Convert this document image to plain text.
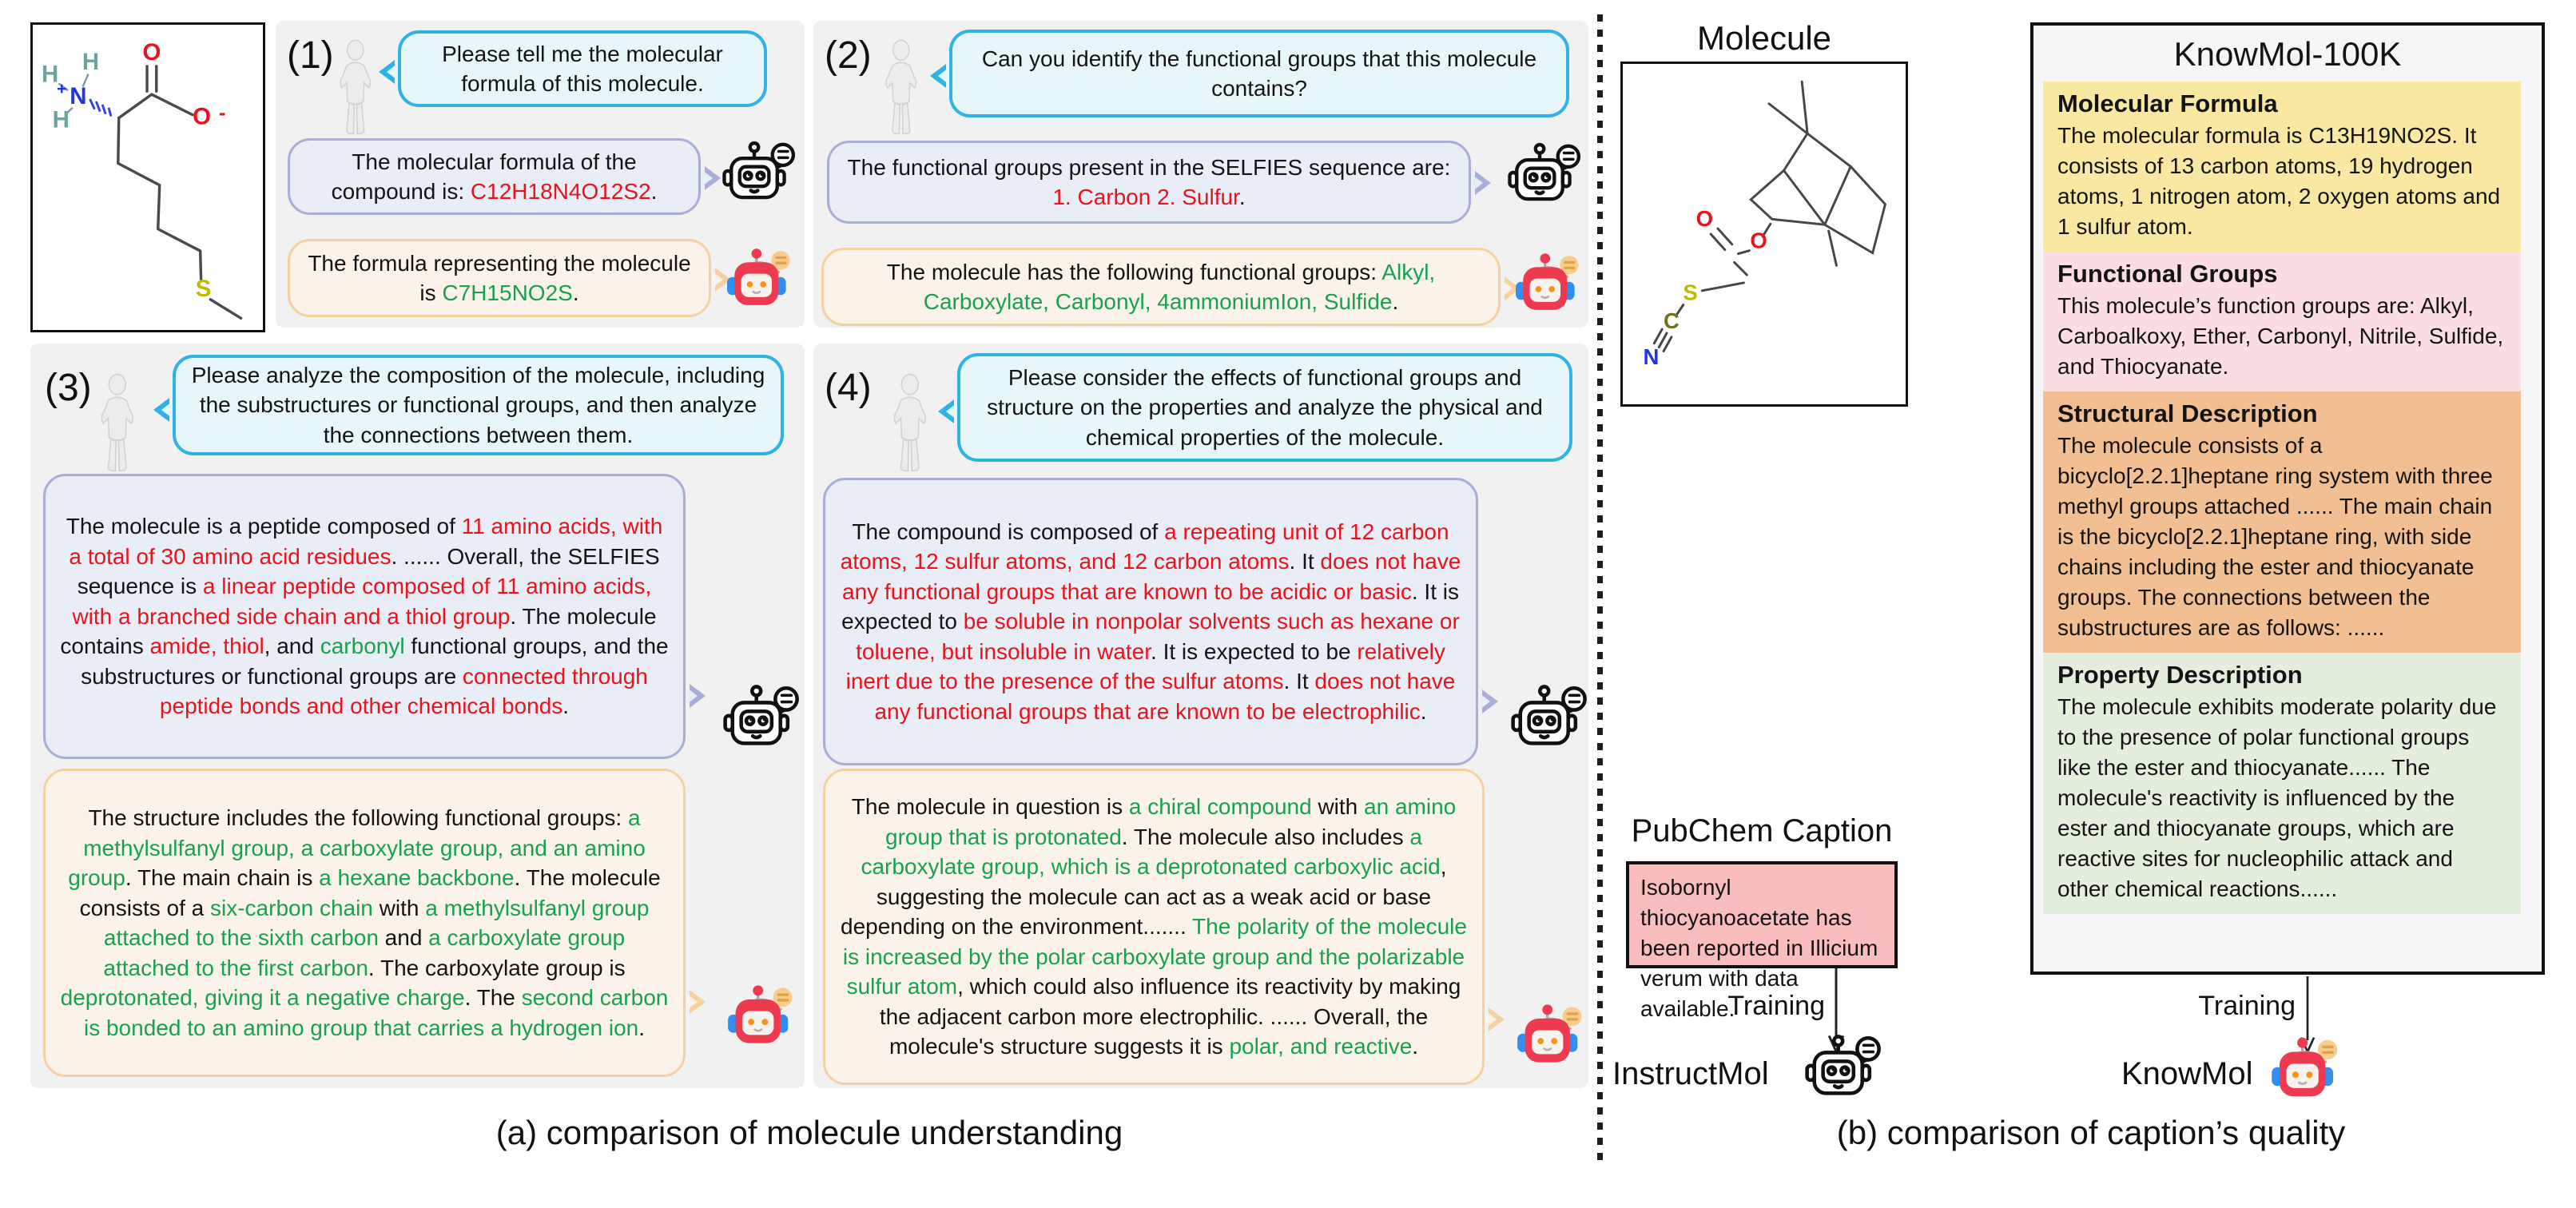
O
O -
N
+
H
H
H
S
(1)	Please tell me the molecular formula of this molecule.
The molecular formula of the compound is: C12H18N4O12S2.
The formula representing the molecule is C7H15NO2S.
(2)	Can you identify the functional groups that this molecule contains?
The functional groups present in the SELFIES sequence are: 1. Carbon 2. Sulfur.
The molecule has the following functional groups: Alkyl, Carboxylate, Carbonyl, 4ammoniumIon, Sulfide.
(3)	Please analyze the composition of the molecule, including the substructures or functional groups, and then analyze the connections between them.
The molecule is a peptide composed of 11 amino acids, with a total of 30 amino acid residues. ...... Overall, the SELFIES sequence is a linear peptide composed of 11 amino acids, with a branched side chain and a thiol group. The molecule contains amide, thiol, and carbonyl functional groups, and the substructures or functional groups are connected through peptide bonds and other chemical bonds.
The structure includes the following functional groups: a methylsulfanyl group, a carboxylate group, and an amino group. The main chain is a hexane backbone. The molecule consists of a six-carbon chain with a methylsulfanyl group attached to the sixth carbon and a carboxylate group attached to the first carbon. The carboxylate group is deprotonated, giving it a negative charge. The second carbon is bonded to an amino group that carries a hydrogen ion.
(4)	Please consider the effects of functional groups and structure on the properties and analyze the physical and chemical properties of the molecule.
The compound is composed of a repeating unit of 12 carbon atoms, 12 sulfur atoms, and 12 carbon atoms. It does not have any functional groups that are known to be acidic or basic. It is expected to be soluble in nonpolar solvents such as hexane or toluene, but insoluble in water. It is expected to be relatively inert due to the presence of the sulfur atoms. It does not have any functional groups that are known to be electrophilic.
The molecule in question is a chiral compound with an amino group that is protonated. The molecule also includes a carboxylate group, which is a deprotonated carboxylic acid, suggesting the molecule can act as a weak acid or base depending on the environment....... The polarity of the molecule is increased by the polar carboxylate group and the polarizable sulfur atom, which could also influence its reactivity by making the adjacent carbon more electrophilic. ...... Overall, the molecule's structure suggests it is polar, and reactive.
Molecule
O
O
S
C
N
KnowMol-100K
Molecular Formula
The molecular formula is C13H19NO2S. It consists of 13 carbon atoms, 19 hydrogen atoms, 1 nitrogen atom, 2 oxygen atoms and 1 sulfur atom.
Functional Groups
This molecule’s function groups are: Alkyl, Carboalkoxy, Ether, Carbonyl, Nitrile, Sulfide, and Thiocyanate.
Structural Description
The molecule consists of a bicyclo[2.2.1]heptane ring system with three methyl groups attached ...... The main chain is the bicyclo[2.2.1]heptane ring, with side chains including the ester and thiocyanate groups. The connections between the substructures are as follows: ......
Property Description
The molecule exhibits moderate polarity due to the presence of polar functional groups like the ester and thiocyanate...... The molecule's reactivity is influenced by the ester and thiocyanate groups, which are reactive sites for nucleophilic attack and other chemical reactions......
PubChem Caption
Isobornyl thiocyanoacetate has been reported in Illicium verum with data available.
Training
InstructMol
Training
KnowMol
(a) comparison of molecule understanding	(b) comparison of caption’s quality
